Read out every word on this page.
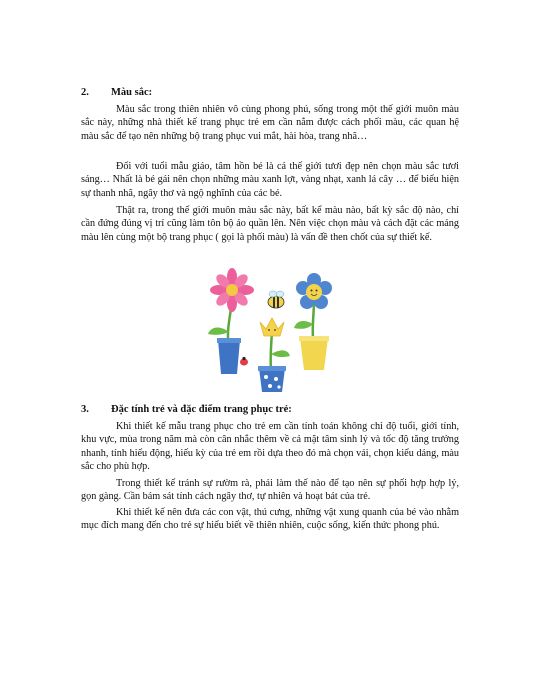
2. Màu sắc:

Màu sắc trong thiên nhiên vô cùng phong phú, sống trong một thế giới muôn màu sắc này, những nhà thiết kế trang phục trẻ em cần nắm được cách phối màu, các quan hệ màu sắc để tạo nên những bộ trang phục vui mắt, hài hòa, trang nhã…

Đối với tuổi mẫu giáo, tâm hồn bé là cả thế giới tươi đẹp nên chọn màu sắc tươi sáng… Nhất là bé gái nên chọn những màu xanh lợt, vàng nhạt, xanh lá cây … để biểu hiện sự thanh nhã, ngây thơ và ngộ nghĩnh của các bé.

Thật ra, trong thế giới muôn màu sắc này, bất kể màu nào, bất kỳ sắc độ nào, chỉ cần đứng đúng vị trí cũng làm tôn bộ áo quần lên. Nên việc chọn màu và cách đặt các mảng màu lên cùng một bộ trang phục ( gọi là phối màu) là vấn đề then chốt của sự thiết kế.

3. Đặc tính trẻ và đặc điểm trang phục trẻ:

Khi thiết kế mẫu trang phục cho trẻ em cần tính toán không chỉ độ tuổi, giới tính, khu vực, mùa trong năm mà còn cân nhắc thêm về cả mặt tâm sinh lý và tốc độ tăng trưởng nhanh, tính hiếu động, hiếu kỳ của trẻ em rồi dựa theo đó mà chọn vải, chọn kiểu dáng, màu sắc cho phù hợp.

Trong thiết kế tránh sự rườm rà, phải làm thế nào để tạo nên sự phối hợp hợp lý, gọn gàng. Cần bám sát tính cách ngây thơ, tự nhiên và hoạt bát của trẻ.

Khi thiết kế nên đưa các con vật, thú cưng, những vật xung quanh của bé vào nhằm mục đích mang đến cho trẻ sự hiểu biết về thiên nhiên, cuộc sống, kiến thức phong phú.
